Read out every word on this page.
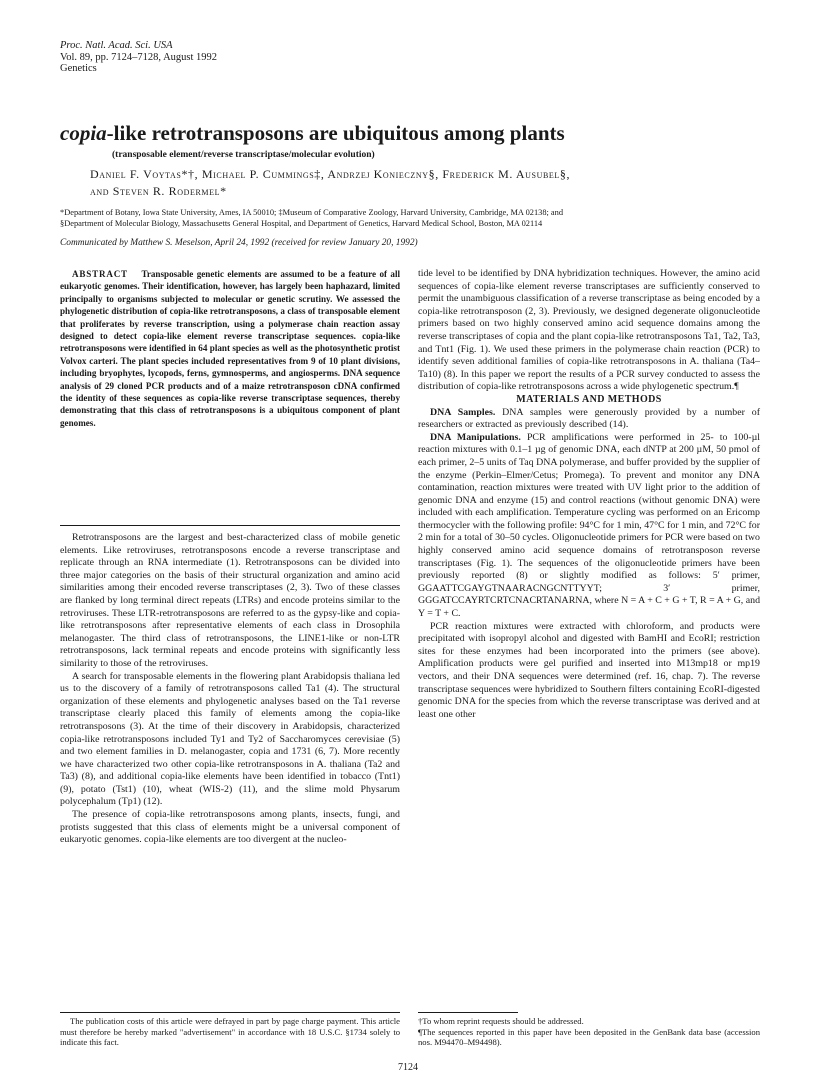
Proc. Natl. Acad. Sci. USA
Vol. 89, pp. 7124–7128, August 1992
Genetics
copia-like retrotransposons are ubiquitous among plants
(transposable element/reverse transcriptase/molecular evolution)
Daniel F. Voytas*†, Michael P. Cummings‡, Andrzej Konieczny§, Frederick M. Ausubel§,
and Steven R. Rodermel*
*Department of Botany, Iowa State University, Ames, IA 50010; ‡Museum of Comparative Zoology, Harvard University, Cambridge, MA 02138; and
§Department of Molecular Biology, Massachusetts General Hospital, and Department of Genetics, Harvard Medical School, Boston, MA 02114
Communicated by Matthew S. Meselson, April 24, 1992 (received for review January 20, 1992)

ABSTRACT Transposable genetic elements are assumed to be a feature of all eukaryotic genomes. Their identification, however, has largely been haphazard, limited principally to organisms subjected to molecular or genetic scrutiny. We assessed the phylogenetic distribution of copia-like retrotransposons, a class of transposable element that proliferates by reverse transcription, using a polymerase chain reaction assay designed to detect copia-like element reverse transcriptase sequences. copia-like retrotransposons were identified in 64 plant species as well as the photosynthetic protist Volvox carteri. The plant species included representatives from 9 of 10 plant divisions, including bryophytes, lycopods, ferns, gymnosperms, and angiosperms. DNA sequence analysis of 29 cloned PCR products and of a maize retrotransposon cDNA confirmed the identity of these sequences as copia-like reverse transcriptase sequences, thereby demonstrating that this class of retrotransposons is a ubiquitous component of plant genomes.

Retrotransposons are the largest and best-characterized class of mobile genetic elements. Like retroviruses, retrotransposons encode a reverse transcriptase and replicate through an RNA intermediate (1). Retrotransposons can be divided into three major categories on the basis of their structural organization and amino acid similarities among their encoded reverse transcriptases (2, 3). Two of these classes are flanked by long terminal direct repeats (LTRs) and encode proteins similar to the retroviruses. These LTR-retrotransposons are referred to as the gypsy-like and copia-like retrotransposons after representative elements of each class in Drosophila melanogaster. The third class of retrotransposons, the LINE1-like or non-LTR retrotransposons, lack terminal repeats and encode proteins with significantly less similarity to those of the retroviruses.

A search for transposable elements in the flowering plant Arabidopsis thaliana led us to the discovery of a family of retrotransposons called Ta1 (4). The structural organization of these elements and phylogenetic analyses based on the Ta1 reverse transcriptase clearly placed this family of elements among the copia-like retrotransposons (3). At the time of their discovery in Arabidopsis, characterized copia-like retrotransposons included Ty1 and Ty2 of Saccharomyces cerevisiae (5) and two element families in D. melanogaster, copia and 1731 (6, 7). More recently we have characterized two other copia-like retrotransposons in A. thaliana (Ta2 and Ta3) (8), and additional copia-like elements have been identified in tobacco (Tnt1) (9), potato (Tst1) (10), wheat (WIS-2) (11), and the slime mold Physarum polycephalum (Tp1) (12).

The presence of copia-like retrotransposons among plants, insects, fungi, and protists suggested that this class of elements might be a universal component of eukaryotic genomes. copia-like elements are too divergent at the nucleo-

tide level to be identified by DNA hybridization techniques. However, the amino acid sequences of copia-like element reverse transcriptases are sufficiently conserved to permit the unambiguous classification of a reverse transcriptase as being encoded by a copia-like retrotransposon (2, 3). Previously, we designed degenerate oligonucleotide primers based on two highly conserved amino acid sequence domains among the reverse transcriptases of copia and the plant copia-like retrotransposons Ta1, Ta2, Ta3, and Tnt1 (Fig. 1). We used these primers in the polymerase chain reaction (PCR) to identify seven additional families of copia-like retrotransposons in A. thaliana (Ta4–Ta10) (8). In this paper we report the results of a PCR survey conducted to assess the distribution of copia-like retrotransposons across a wide phylogenetic spectrum.¶

MATERIALS AND METHODS

DNA Samples. DNA samples were generously provided by a number of researchers or extracted as previously described (14).

DNA Manipulations. PCR amplifications were performed in 25- to 100-µl reaction mixtures with 0.1–1 µg of genomic DNA, each dNTP at 200 µM, 50 pmol of each primer, 2–5 units of Taq DNA polymerase, and buffer provided by the supplier of the enzyme (Perkin–Elmer/Cetus; Promega). To prevent and monitor any DNA contamination, reaction mixtures were treated with UV light prior to the addition of genomic DNA and enzyme (15) and control reactions (without genomic DNA) were included with each amplification. Temperature cycling was performed on an Ericomp thermocycler with the following profile: 94°C for 1 min, 47°C for 1 min, and 72°C for 2 min for a total of 30–50 cycles. Oligonucleotide primers for PCR were based on two highly conserved amino acid sequence domains of retrotransposon reverse transcriptases (Fig. 1). The sequences of the oligonucleotide primers have been previously reported (8) or slightly modified as follows: 5′ primer, GGAATTCGAYGTNAARACNGCNTTYYT; 3′ primer, GGGATCCAYRTCRTCNACRTANARNA, where N = A + C + G + T, R = A + G, and Y = T + C.

PCR reaction mixtures were extracted with chloroform, and products were precipitated with isopropyl alcohol and digested with BamHI and EcoRI; restriction sites for these enzymes had been incorporated into the primers (see above). Amplification products were gel purified and inserted into M13mp18 or mp19 vectors, and their DNA sequences were determined (ref. 16, chap. 7). The reverse transcriptase sequences were hybridized to Southern filters containing EcoRI-digested genomic DNA for the species from which the reverse transcriptase was derived and at least one other

The publication costs of this article were defrayed in part by page charge payment. This article must therefore be hereby marked "advertisement" in accordance with 18 U.S.C. §1734 solely to indicate this fact.
†To whom reprint requests should be addressed.
¶The sequences reported in this paper have been deposited in the GenBank data base (accession nos. M94470–M94498).
7124
